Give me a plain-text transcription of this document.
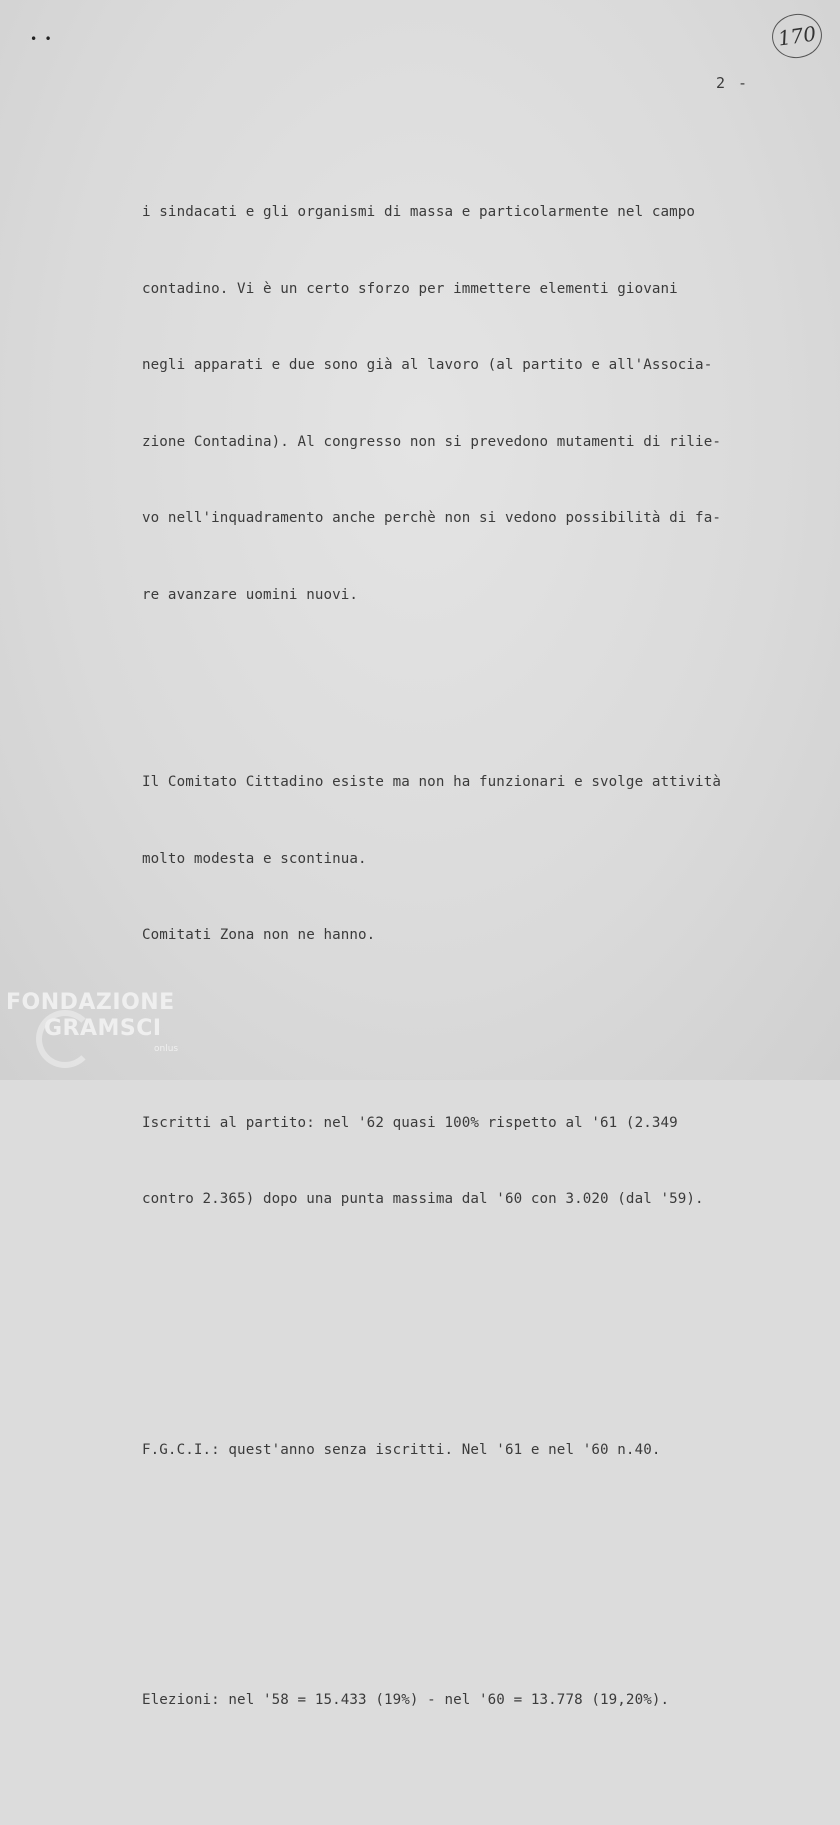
• •	170
2 -

i sindacati e gli organismi di massa e particolarmente nel campo

contadino. Vi è un certo sforzo per immettere elementi giovani

negli apparati e due sono già al lavoro (al partito e all'Associa-

zione Contadina). Al congresso non si prevedono mutamenti di rilie-

vo nell'inquadramento anche perchè non si vedono possibilità di fa-

re avanzare uomini nuovi.

Il Comitato Cittadino esiste ma non ha funzionari e svolge attività

molto modesta e scontinua.

Comitati Zona non ne hanno.

Iscritti al partito: nel '62 quasi 100% rispetto al '61 (2.349

contro 2.365) dopo una punta massima dal '60 con 3.020 (dal '59).

F.G.C.I.: quest'anno senza iscritti. Nel '61 e nel '60 n.40.

Elezioni: nel '58 = 15.433 (19%) - nel '60 = 13.778 (19,20%).

FONDAZIONE
GRAMSCI
onlus
